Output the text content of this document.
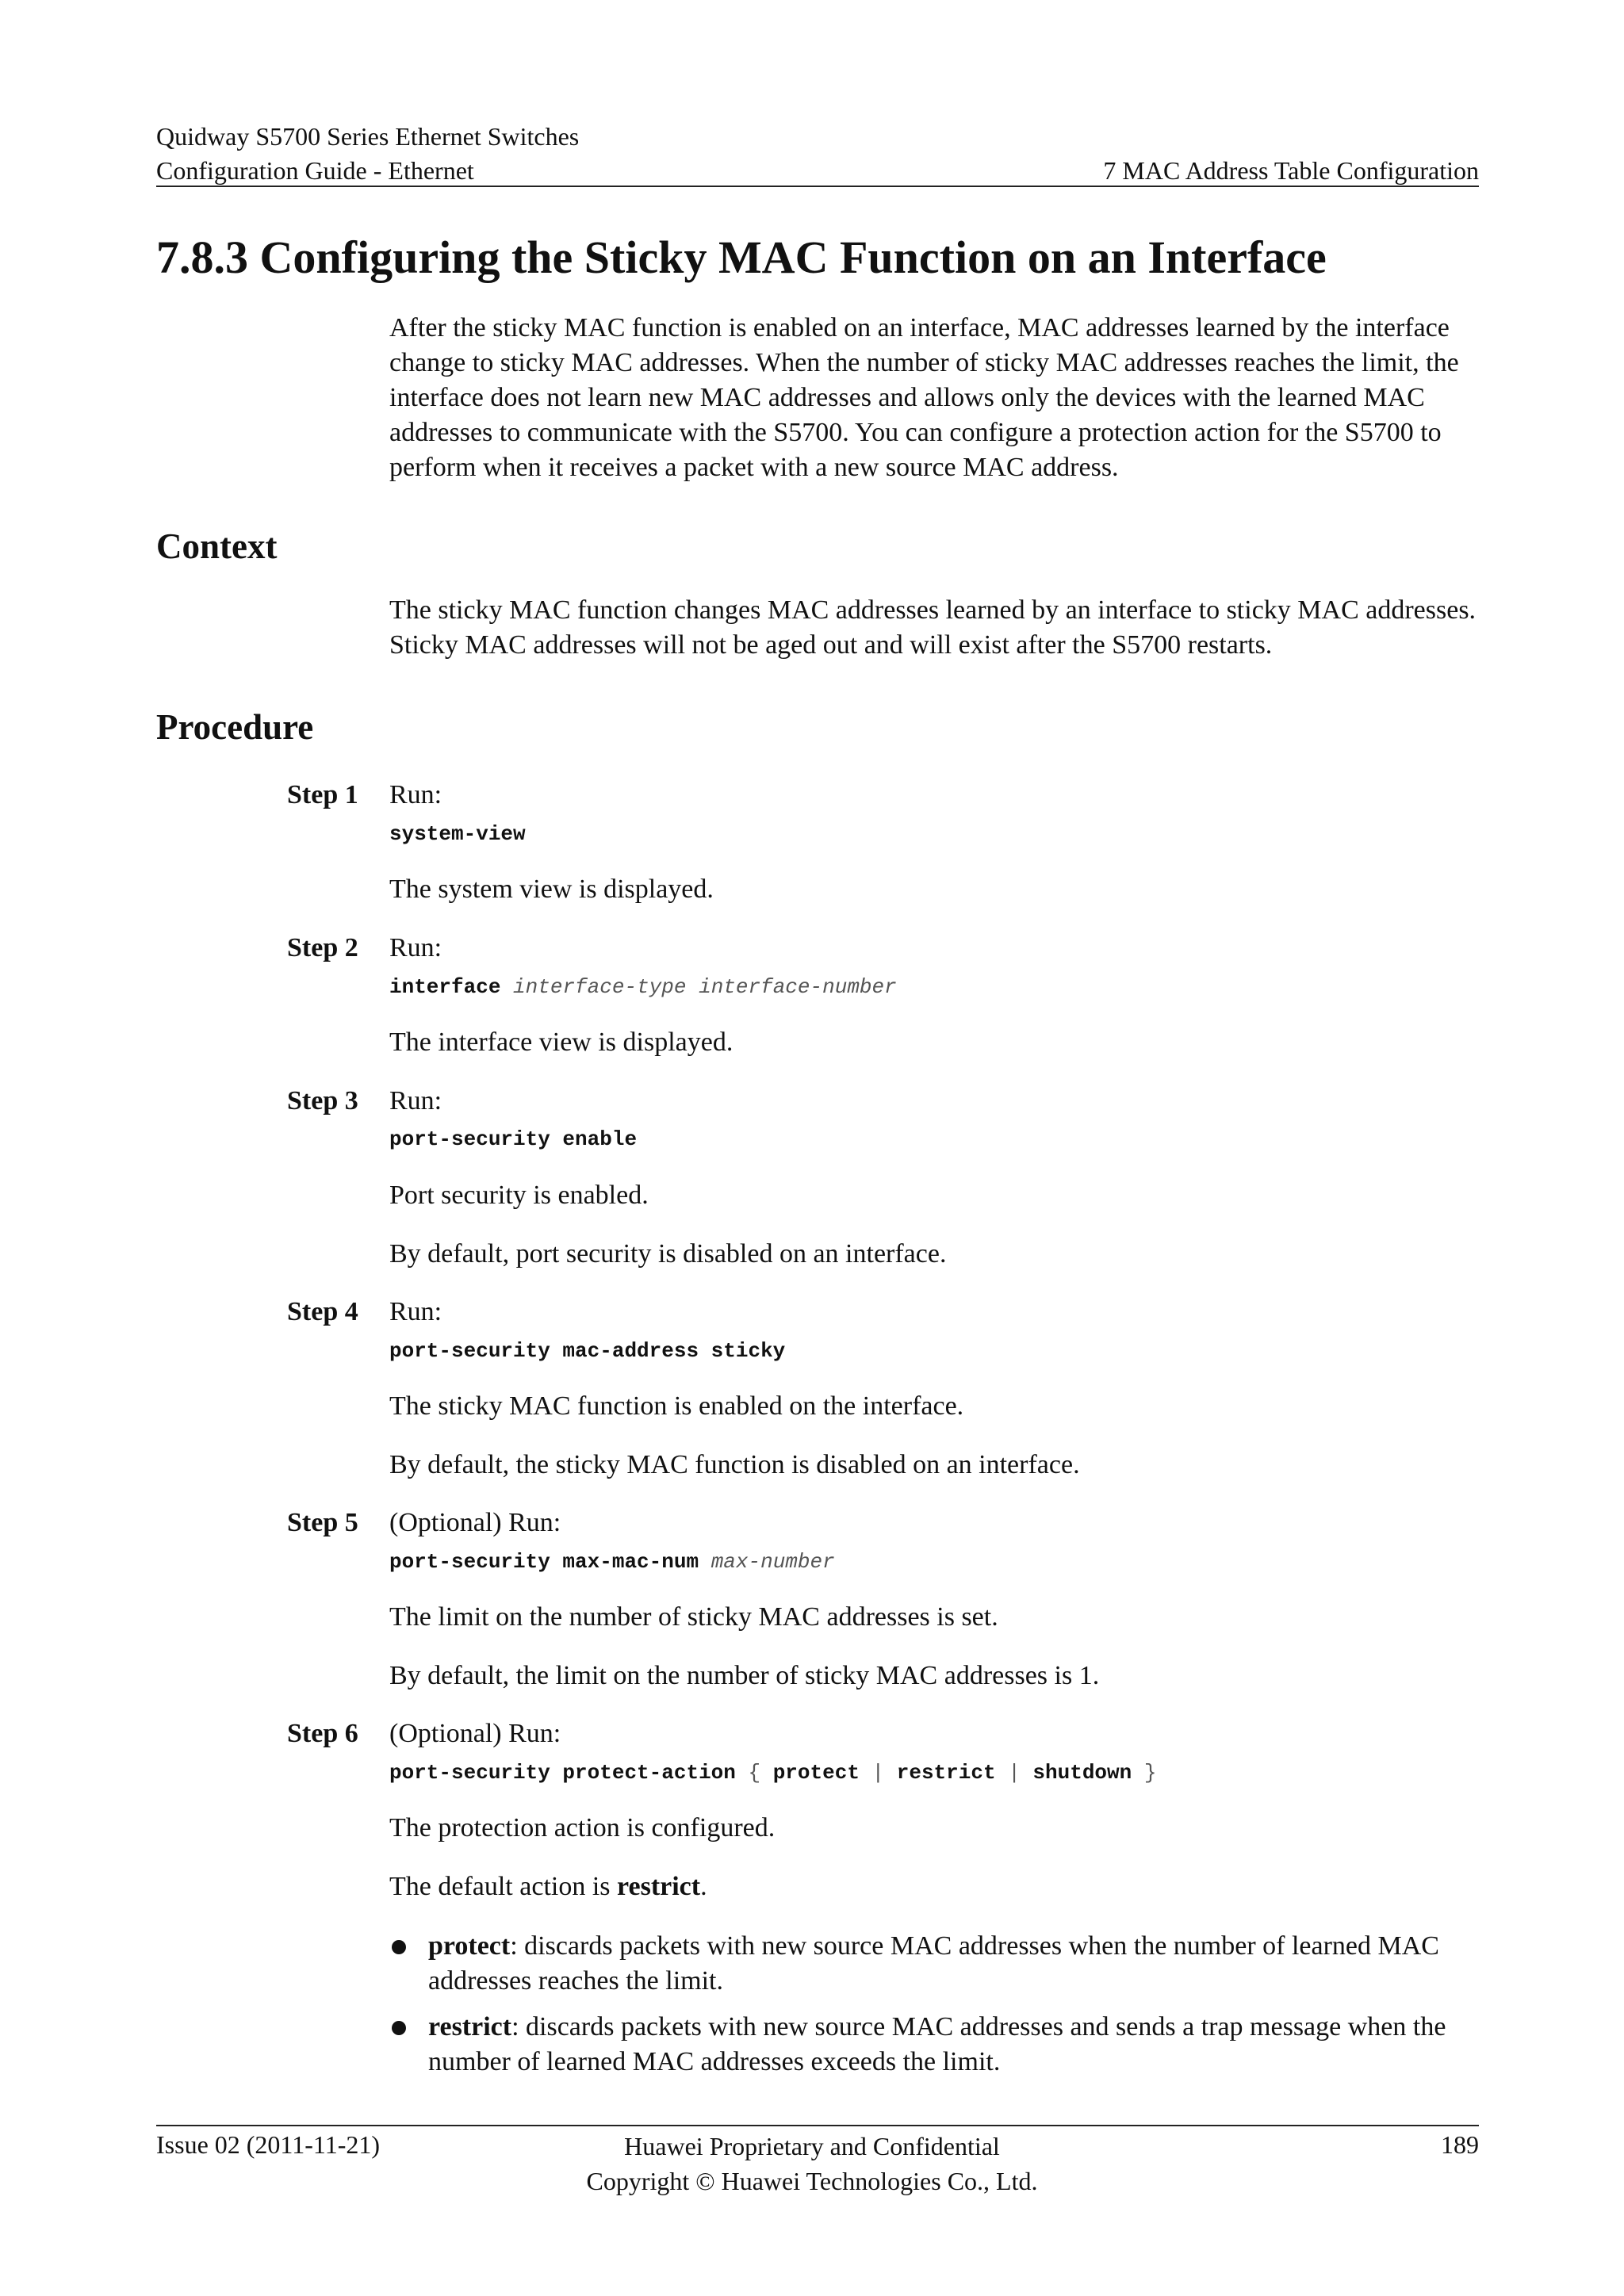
Quidway S5700 Series Ethernet Switches
Configuration Guide - Ethernet	7 MAC Address Table Configuration
7.8.3 Configuring the Sticky MAC Function on an Interface
After the sticky MAC function is enabled on an interface, MAC addresses learned by the interface change to sticky MAC addresses. When the number of sticky MAC addresses reaches the limit, the interface does not learn new MAC addresses and allows only the devices with the learned MAC addresses to communicate with the S5700. You can configure a protection action for the S5700 to perform when it receives a packet with a new source MAC address.
Context
The sticky MAC function changes MAC addresses learned by an interface to sticky MAC addresses. Sticky MAC addresses will not be aged out and will exist after the S5700 restarts.
Procedure
Step 1 Run:
system-view
The system view is displayed.
Step 2 Run:
interface interface-type interface-number
The interface view is displayed.
Step 3 Run:
port-security enable
Port security is enabled.
By default, port security is disabled on an interface.
Step 4 Run:
port-security mac-address sticky
The sticky MAC function is enabled on the interface.
By default, the sticky MAC function is disabled on an interface.
Step 5 (Optional) Run:
port-security max-mac-num max-number
The limit on the number of sticky MAC addresses is set.
By default, the limit on the number of sticky MAC addresses is 1.
Step 6 (Optional) Run:
port-security protect-action { protect | restrict | shutdown }
The protection action is configured.
The default action is restrict.
protect: discards packets with new source MAC addresses when the number of learned MAC addresses reaches the limit.
restrict: discards packets with new source MAC addresses and sends a trap message when the number of learned MAC addresses exceeds the limit.
Issue 02 (2011-11-21)	Huawei Proprietary and Confidential
Copyright © Huawei Technologies Co., Ltd.
189
